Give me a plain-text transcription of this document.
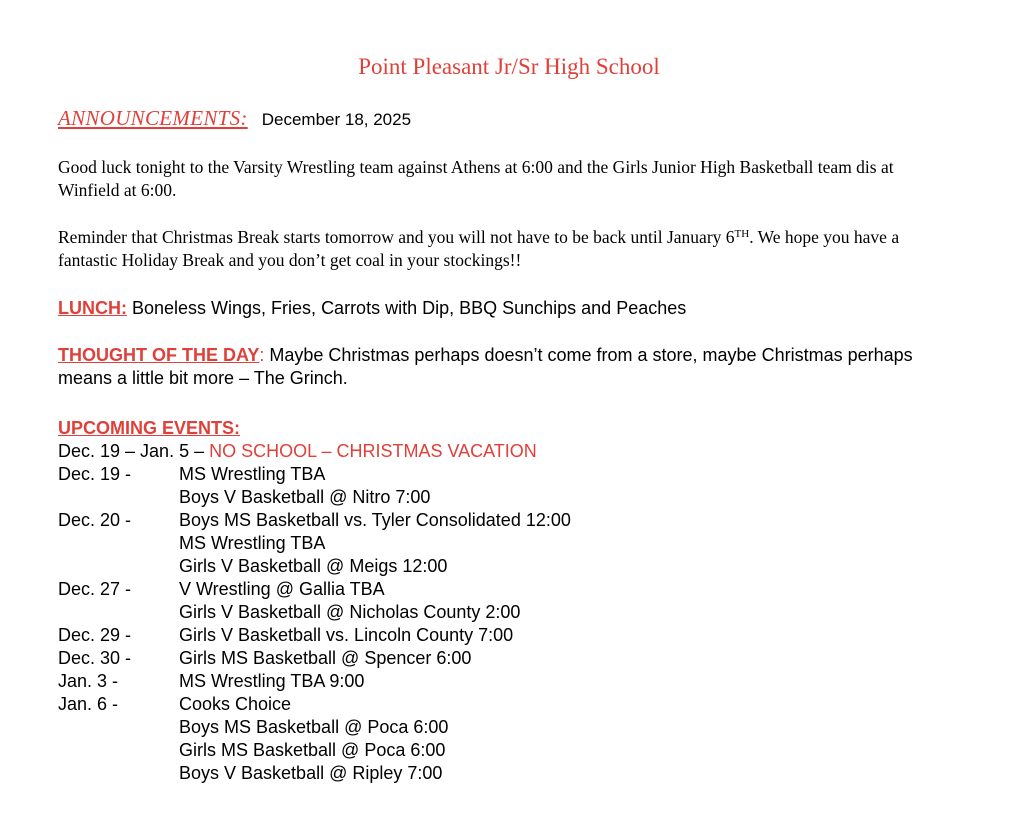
Point Pleasant Jr/Sr High School
ANNOUNCEMENTS: December 18, 2025
Good luck tonight to the Varsity Wrestling team against Athens at 6:00 and the Girls Junior High Basketball team dis at Winfield at 6:00.
Reminder that Christmas Break starts tomorrow and you will not have to be back until January 6TH. We hope you have a fantastic Holiday Break and you don’t get coal in your stockings!!
LUNCH: Boneless Wings, Fries, Carrots with Dip, BBQ Sunchips and Peaches
THOUGHT OF THE DAY: Maybe Christmas perhaps doesn’t come from a store, maybe Christmas perhaps means a little bit more – The Grinch.
UPCOMING EVENTS:
Dec. 19 – Jan. 5 – NO SCHOOL – CHRISTMAS VACATION
Dec. 19 -	MS Wrestling TBA
Boys V Basketball @ Nitro 7:00
Dec. 20 -	Boys MS Basketball vs. Tyler Consolidated 12:00
MS Wrestling TBA
Girls V Basketball @ Meigs 12:00
Dec. 27 -	V Wrestling @ Gallia TBA
Girls V Basketball @ Nicholas County 2:00
Dec. 29 -	Girls V Basketball vs. Lincoln County 7:00
Dec. 30 -	Girls MS Basketball @ Spencer 6:00
Jan. 3 -	MS Wrestling TBA 9:00
Jan. 6 -	Cooks Choice
Boys MS Basketball @ Poca 6:00
Girls MS Basketball @ Poca 6:00
Boys V Basketball @ Ripley 7:00
